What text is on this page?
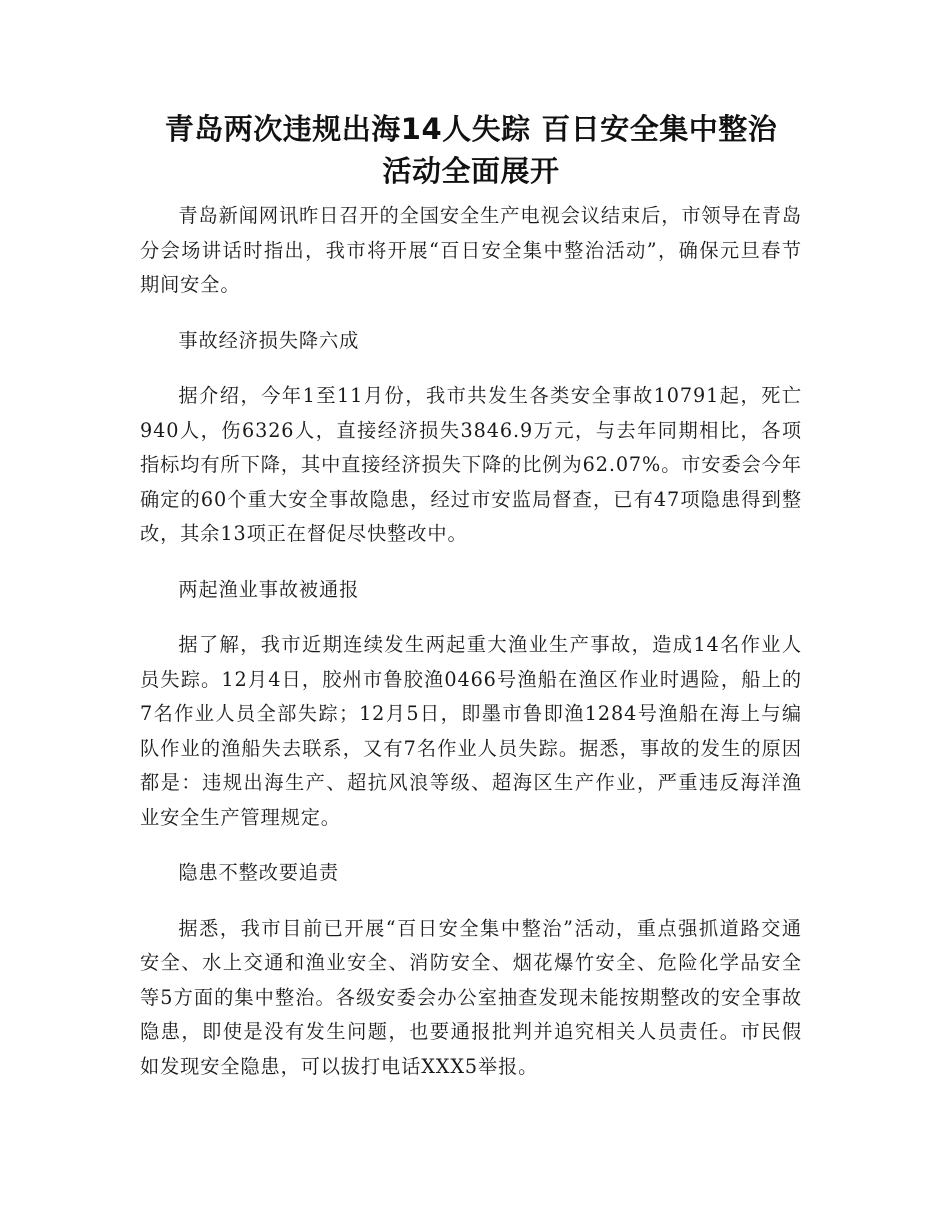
青岛两次违规出海14人失踪 百日安全集中整治
活动全面展开

青岛新闻网讯昨日召开的全国安全生产电视会议结束后，市领导在青岛分会场讲话时指出，我市将开展“百日安全集中整治活动”，确保元旦春节期间安全。

事故经济损失降六成

据介绍，今年1至11月份，我市共发生各类安全事故10791起，死亡940人，伤6326人，直接经济损失3846.9万元，与去年同期相比，各项指标均有所下降，其中直接经济损失下降的比例为62.07%。市安委会今年确定的60个重大安全事故隐患，经过市安监局督查，已有47项隐患得到整改，其余13项正在督促尽快整改中。

两起渔业事故被通报

据了解，我市近期连续发生两起重大渔业生产事故，造成14名作业人员失踪。12月4日，胶州市鲁胶渔0466号渔船在渔区作业时遇险，船上的7名作业人员全部失踪；12月5日，即墨市鲁即渔1284号渔船在海上与编队作业的渔船失去联系，又有7名作业人员失踪。据悉，事故的发生的原因都是：违规出海生产、超抗风浪等级、超海区生产作业，严重违反海洋渔业安全生产管理规定。

隐患不整改要追责

据悉，我市目前已开展“百日安全集中整治”活动，重点强抓道路交通安全、水上交通和渔业安全、消防安全、烟花爆竹安全、危险化学品安全等5方面的集中整治。各级安委会办公室抽查发现未能按期整改的安全事故隐患，即使是没有发生问题，也要通报批判并追究相关人员责任。市民假如发现安全隐患，可以拔打电话XXX5举报。
